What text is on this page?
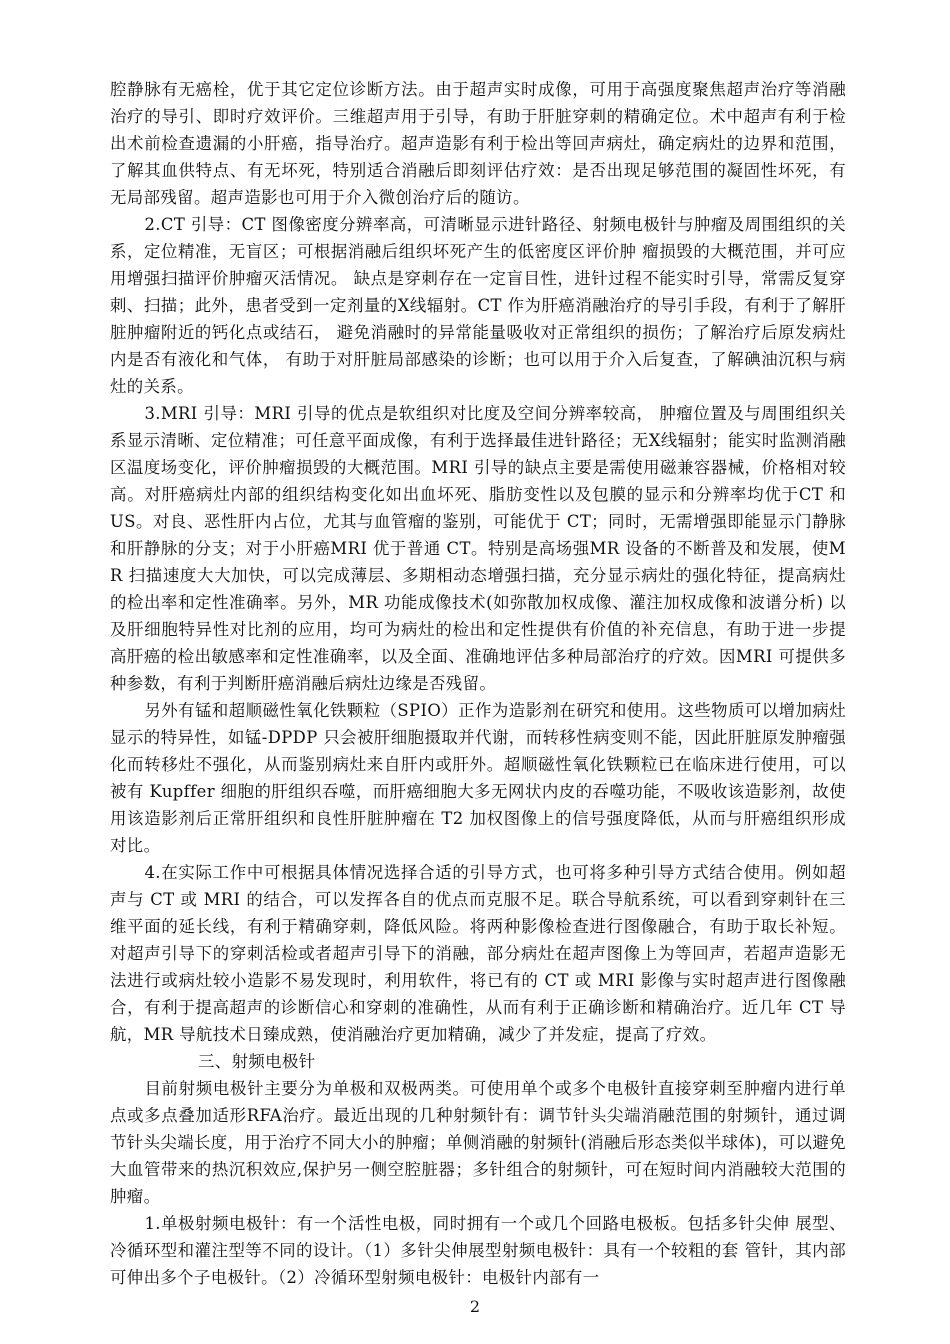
腔静脉有无癌栓，优于其它定位诊断方法。由于超声实时成像，可用于高强度聚焦超声治疗等消融治疗的导引、即时疗效评价。三维超声用于引导，有助于肝脏穿刺的精确定位。术中超声有利于检出术前检查遗漏的小肝癌，指导治疗。超声造影有利于检出等回声病灶，确定病灶的边界和范围，了解其血供特点、有无坏死，特别适合消融后即刻评估疗效：是否出现足够范围的凝固性坏死，有无局部残留。超声造影也可用于介入微创治疗后的随访。

2.CT 引导：CT 图像密度分辨率高，可清晰显示进针路径、射频电极针与肿瘤及周围组织的关系，定位精准，无盲区；可根据消融后组织坏死产生的低密度区评价肿 瘤损毁的大概范围，并可应用增强扫描评价肿瘤灭活情况。 缺点是穿刺存在一定盲目性，进针过程不能实时引导，常需反复穿刺、扫描；此外，患者受到一定剂量的X线辐射。CT 作为肝癌消融治疗的导引手段，有利于了解肝脏肿瘤附近的钙化点或结石， 避免消融时的异常能量吸收对正常组织的损伤；了解治疗后原发病灶内是否有液化和气体， 有助于对肝脏局部感染的诊断；也可以用于介入后复查，了解碘油沉积与病灶的关系。

3.MRI 引导：MRI 引导的优点是软组织对比度及空间分辨率较高， 肿瘤位置及与周围组织关系显示清晰、定位精准；可任意平面成像，有利于选择最佳进针路径；无X线辐射；能实时监测消融区温度场变化，评价肿瘤损毁的大概范围。MRI 引导的缺点主要是需使用磁兼容器械，价格相对较高。对肝癌病灶内部的组织结构变化如出血坏死、脂肪变性以及包膜的显示和分辨率均优于CT 和 US。对良、恶性肝内占位，尤其与血管瘤的鉴别，可能优于 CT；同时，无需增强即能显示门静脉和肝静脉的分支；对于小肝癌MRI 优于普通 CT。特别是高场强MR 设备的不断普及和发展，使MR 扫描速度大大加快，可以完成薄层、多期相动态增强扫描，充分显示病灶的强化特征，提高病灶的检出率和定性准确率。另外，MR 功能成像技术(如弥散加权成像、灌注加权成像和波谱分析) 以及肝细胞特异性对比剂的应用，均可为病灶的检出和定性提供有价值的补充信息，有助于进一步提高肝癌的检出敏感率和定性准确率，以及全面、准确地评估多种局部治疗的疗效。因MRI 可提供多种参数，有利于判断肝癌消融后病灶边缘是否残留。

另外有锰和超顺磁性氧化铁颗粒（SPIO）正作为造影剂在研究和使用。这些物质可以增加病灶显示的特异性，如锰-DPDP 只会被肝细胞摄取并代谢，而转移性病变则不能，因此肝脏原发肿瘤强化而转移灶不强化，从而鉴别病灶来自肝内或肝外。超顺磁性氧化铁颗粒已在临床进行使用，可以被有 Kupffer 细胞的肝组织吞噬，而肝癌细胞大多无网状内皮的吞噬功能，不吸收该造影剂，故使用该造影剂后正常肝组织和良性肝脏肿瘤在 T2 加权图像上的信号强度降低，从而与肝癌组织形成对比。

4.在实际工作中可根据具体情况选择合适的引导方式，也可将多种引导方式结合使用。例如超声与 CT 或 MRI 的结合，可以发挥各自的优点而克服不足。联合导航系统，可以看到穿刺针在三维平面的延长线，有利于精确穿刺，降低风险。将两种影像检查进行图像融合，有助于取长补短。对超声引导下的穿刺活检或者超声引导下的消融，部分病灶在超声图像上为等回声，若超声造影无法进行或病灶较小造影不易发现时，利用软件，将已有的 CT 或 MRI 影像与实时超声进行图像融合，有利于提高超声的诊断信心和穿刺的准确性，从而有利于正确诊断和精确治疗。近几年 CT 导航，MR 导航技术日臻成熟，使消融治疗更加精确，减少了并发症，提高了疗效。

三、射频电极针

目前射频电极针主要分为单极和双极两类。可使用单个或多个电极针直接穿刺至肿瘤内进行单点或多点叠加适形RFA治疗。最近出现的几种射频针有：调节针头尖端消融范围的射频针，通过调节针头尖端长度，用于治疗不同大小的肿瘤；单侧消融的射频针(消融后形态类似半球体)，可以避免大血管带来的热沉积效应,保护另一侧空腔脏器；多针组合的射频针，可在短时间内消融较大范围的肿瘤。

1.单极射频电极针：有一个活性电极，同时拥有一个或几个回路电极板。包括多针尖伸 展型、冷循环型和灌注型等不同的设计。（1）多针尖伸展型射频电极针：具有一个较粗的套 管针，其内部可伸出多个子电极针。（2）冷循环型射频电极针：电极针内部有一

2
